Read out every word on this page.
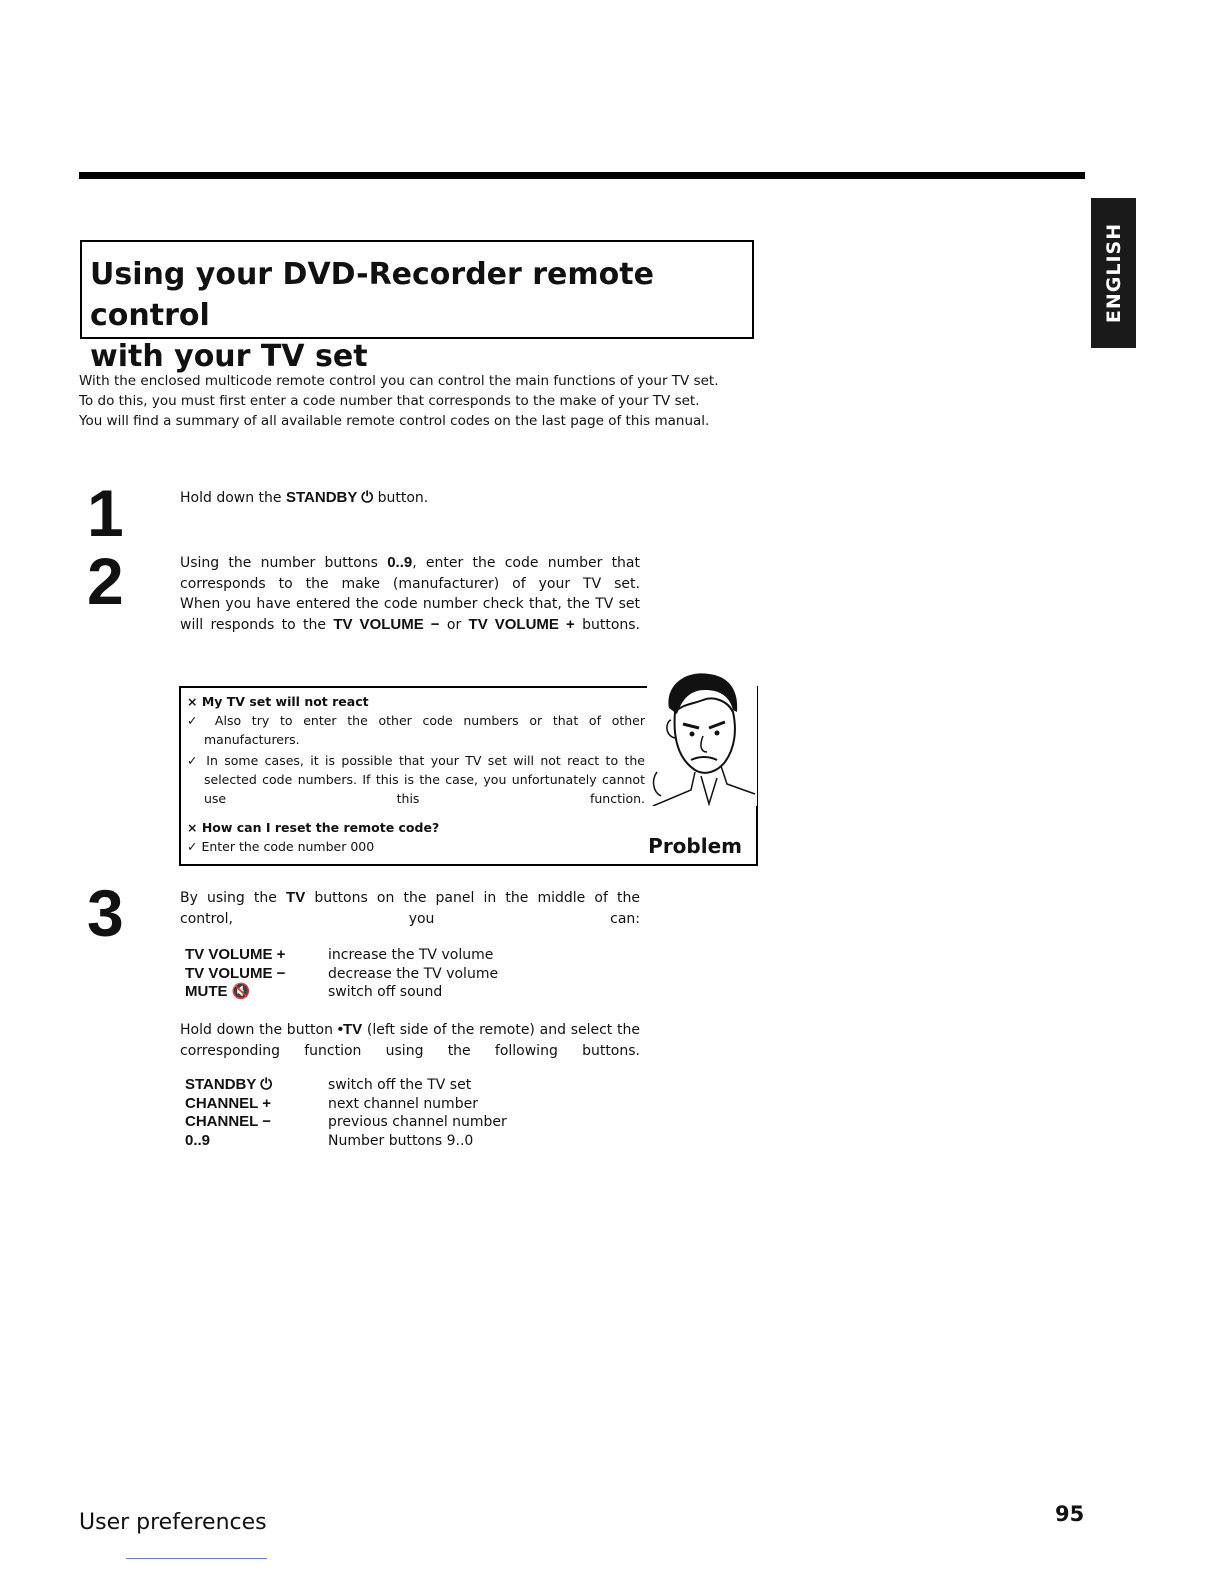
ENGLISH
Using your DVD-Recorder remote control
with your TV set

With the enclosed multicode remote control you can control the main functions of your TV set.

To do this, you must first enter a code number that corresponds to the make of your TV set.

You will find a summary of all available remote control codes on the last page of this manual.

1	Hold down the STANDBY ⏻ button.

2	Using the number buttons 0..9, enter the code number that corresponds to the make (manufacturer) of your TV set.

When you have entered the code number check that, the TV set will responds to the TV VOLUME − or TV VOLUME + buttons.

× My TV set will not react

✓ Also try to enter the other code numbers or that of other manufacturers.

✓ In some cases, it is possible that your TV set will not react to the selected code numbers. If this is the case, you unfortunately cannot use this function.

× How can I reset the remote code?

✓ Enter the code number 000	Problem
3	By using the TV buttons on the panel in the middle of the control, you can:

TV VOLUME +	increase the TV volume
TV VOLUME −	decrease the TV volume
MUTE 🔇	switch off sound

Hold down the button •TV (left side of the remote) and select the corresponding function using the following buttons.

STANDBY ⏻	switch off the TV set
CHANNEL +	next channel number
CHANNEL −	previous channel number
0..9	Number buttons 9..0
User preferences	95
